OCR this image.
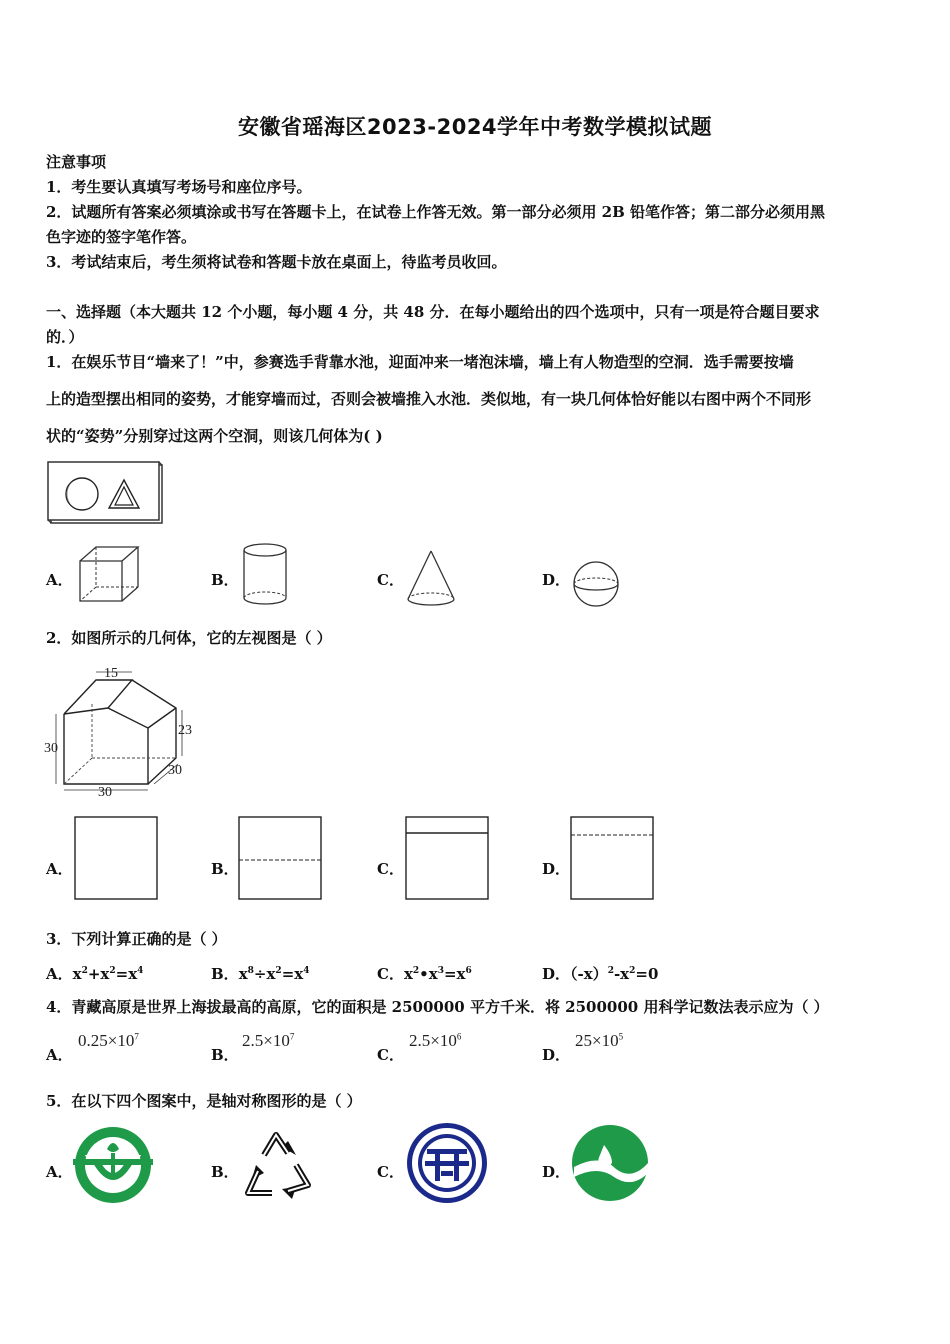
安徽省瑶海区2023-2024学年中考数学模拟试题
注意事项
1．考生要认真填写考场号和座位序号。
2．试题所有答案必须填涂或书写在答题卡上，在试卷上作答无效。第一部分必须用 2B 铅笔作答；第二部分必须用黑
色字迹的签字笔作答。
3．考试结束后，考生须将试卷和答题卡放在桌面上，待监考员收回。
一、选择题（本大题共 12 个小题，每小题 4 分，共 48 分．在每小题给出的四个选项中，只有一项是符合题目要求
的．）
1．在娱乐节目“墙来了！”中，参赛选手背靠水池，迎面冲来一堵泡沫墙，墙上有人物造型的空洞．选手需要按墙
上的造型摆出相同的姿势，才能穿墙而过，否则会被墙推入水池．类似地，有一块几何体恰好能以右图中两个不同形
状的“姿势”分别穿过这两个空洞，则该几何体为( )
A．	B．	C．	D．
2．如图所示的几何体，它的左视图是（ ）
15
30
23
30
30
A．	B．	C．	D．
3．下列计算正确的是（ ）
A．$x^2+x^2=x^4$	B．$x^8\div x^2=x^4$	C．$x^2•x^3=x^6$	D．$(-x)^2-x^2=0$
4．青藏高原是世界上海拔最高的高原，它的面积是 2500000 平方千米．将 2500000 用科学记数法表示应为（ ）
A．
$0.25\times 10^7$
B．
$2.5\times 10^7$
C．
$2.5\times 10^6$
D．
$25\times 10^5$
5．在以下四个图案中，是轴对称图形的是（ ）
A．	B．	C．	D．
